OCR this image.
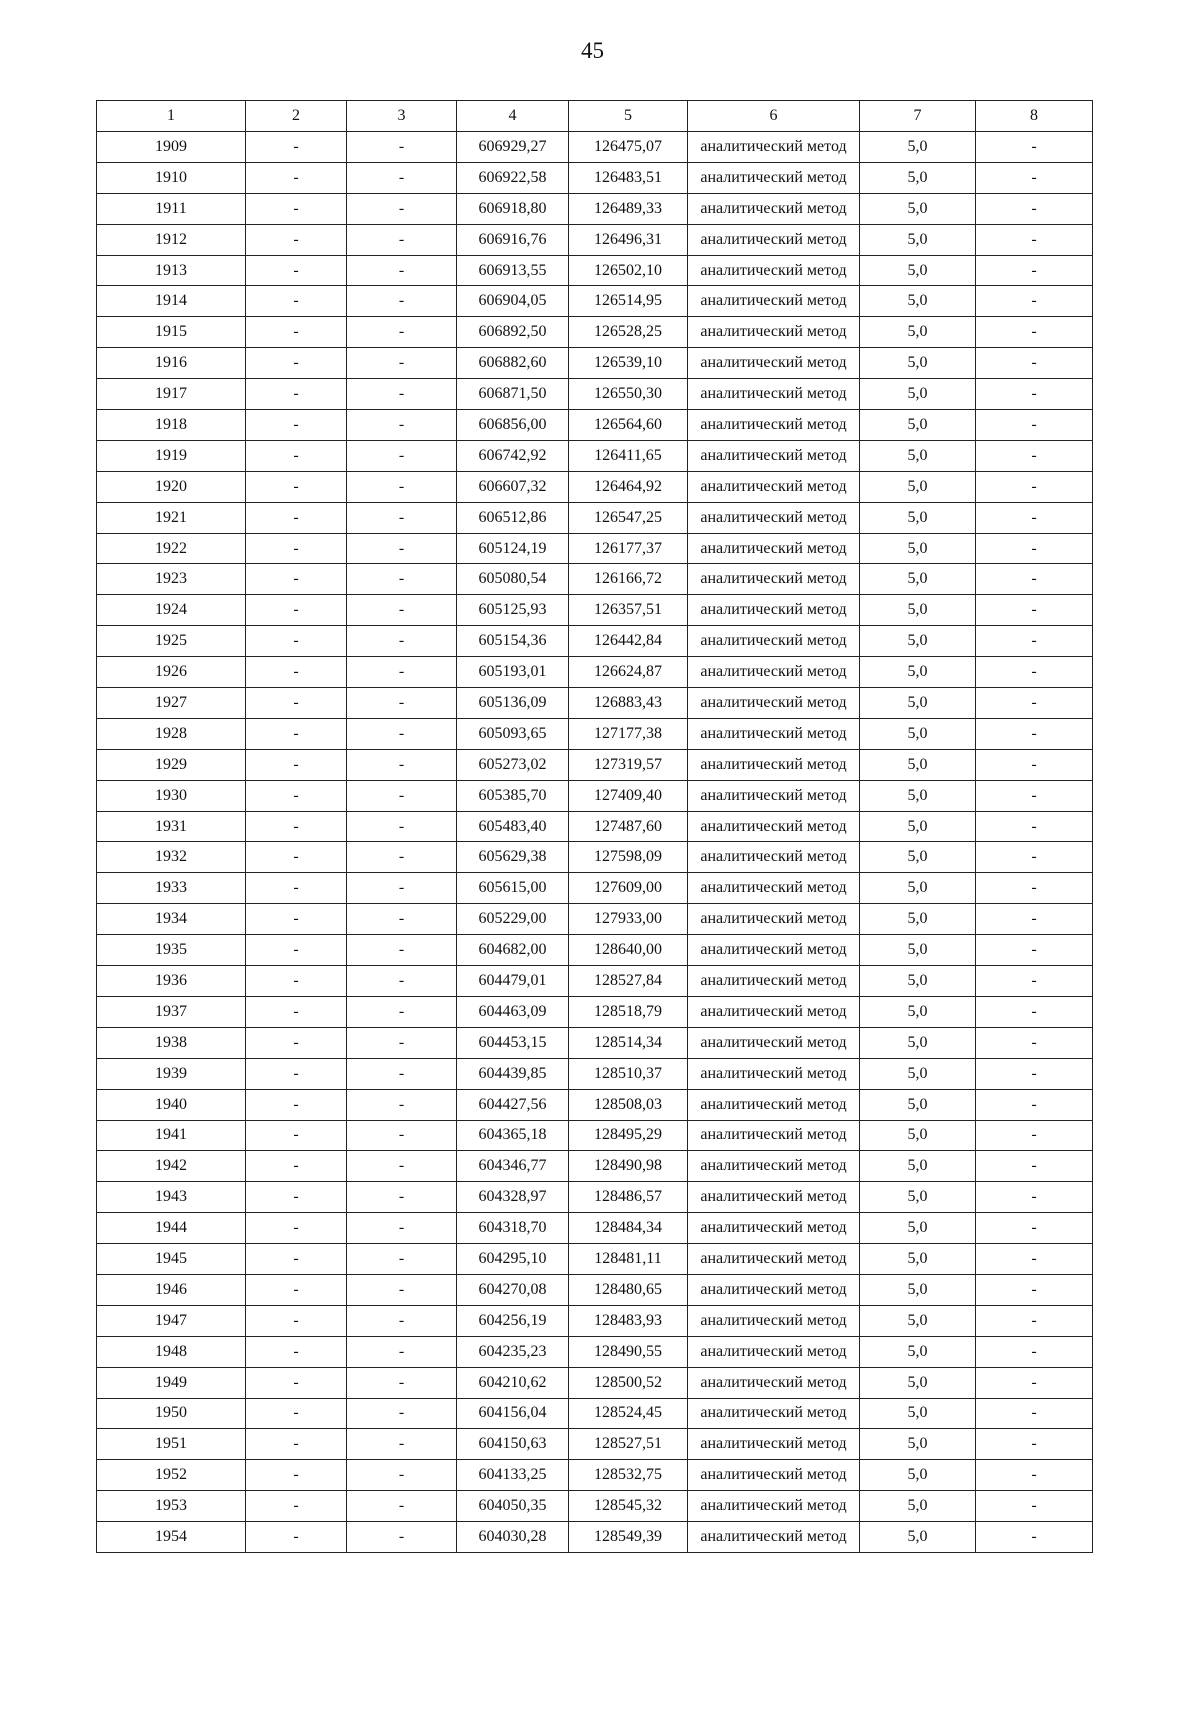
45
1	2	3	4	5	6	7	8
1909	-	-	606929,27	126475,07	аналитический метод	5,0	-
1910	-	-	606922,58	126483,51	аналитический метод	5,0	-
1911	-	-	606918,80	126489,33	аналитический метод	5,0	-
1912	-	-	606916,76	126496,31	аналитический метод	5,0	-
1913	-	-	606913,55	126502,10	аналитический метод	5,0	-
1914	-	-	606904,05	126514,95	аналитический метод	5,0	-
1915	-	-	606892,50	126528,25	аналитический метод	5,0	-
1916	-	-	606882,60	126539,10	аналитический метод	5,0	-
1917	-	-	606871,50	126550,30	аналитический метод	5,0	-
1918	-	-	606856,00	126564,60	аналитический метод	5,0	-
1919	-	-	606742,92	126411,65	аналитический метод	5,0	-
1920	-	-	606607,32	126464,92	аналитический метод	5,0	-
1921	-	-	606512,86	126547,25	аналитический метод	5,0	-
1922	-	-	605124,19	126177,37	аналитический метод	5,0	-
1923	-	-	605080,54	126166,72	аналитический метод	5,0	-
1924	-	-	605125,93	126357,51	аналитический метод	5,0	-
1925	-	-	605154,36	126442,84	аналитический метод	5,0	-
1926	-	-	605193,01	126624,87	аналитический метод	5,0	-
1927	-	-	605136,09	126883,43	аналитический метод	5,0	-
1928	-	-	605093,65	127177,38	аналитический метод	5,0	-
1929	-	-	605273,02	127319,57	аналитический метод	5,0	-
1930	-	-	605385,70	127409,40	аналитический метод	5,0	-
1931	-	-	605483,40	127487,60	аналитический метод	5,0	-
1932	-	-	605629,38	127598,09	аналитический метод	5,0	-
1933	-	-	605615,00	127609,00	аналитический метод	5,0	-
1934	-	-	605229,00	127933,00	аналитический метод	5,0	-
1935	-	-	604682,00	128640,00	аналитический метод	5,0	-
1936	-	-	604479,01	128527,84	аналитический метод	5,0	-
1937	-	-	604463,09	128518,79	аналитический метод	5,0	-
1938	-	-	604453,15	128514,34	аналитический метод	5,0	-
1939	-	-	604439,85	128510,37	аналитический метод	5,0	-
1940	-	-	604427,56	128508,03	аналитический метод	5,0	-
1941	-	-	604365,18	128495,29	аналитический метод	5,0	-
1942	-	-	604346,77	128490,98	аналитический метод	5,0	-
1943	-	-	604328,97	128486,57	аналитический метод	5,0	-
1944	-	-	604318,70	128484,34	аналитический метод	5,0	-
1945	-	-	604295,10	128481,11	аналитический метод	5,0	-
1946	-	-	604270,08	128480,65	аналитический метод	5,0	-
1947	-	-	604256,19	128483,93	аналитический метод	5,0	-
1948	-	-	604235,23	128490,55	аналитический метод	5,0	-
1949	-	-	604210,62	128500,52	аналитический метод	5,0	-
1950	-	-	604156,04	128524,45	аналитический метод	5,0	-
1951	-	-	604150,63	128527,51	аналитический метод	5,0	-
1952	-	-	604133,25	128532,75	аналитический метод	5,0	-
1953	-	-	604050,35	128545,32	аналитический метод	5,0	-
1954	-	-	604030,28	128549,39	аналитический метод	5,0	-
